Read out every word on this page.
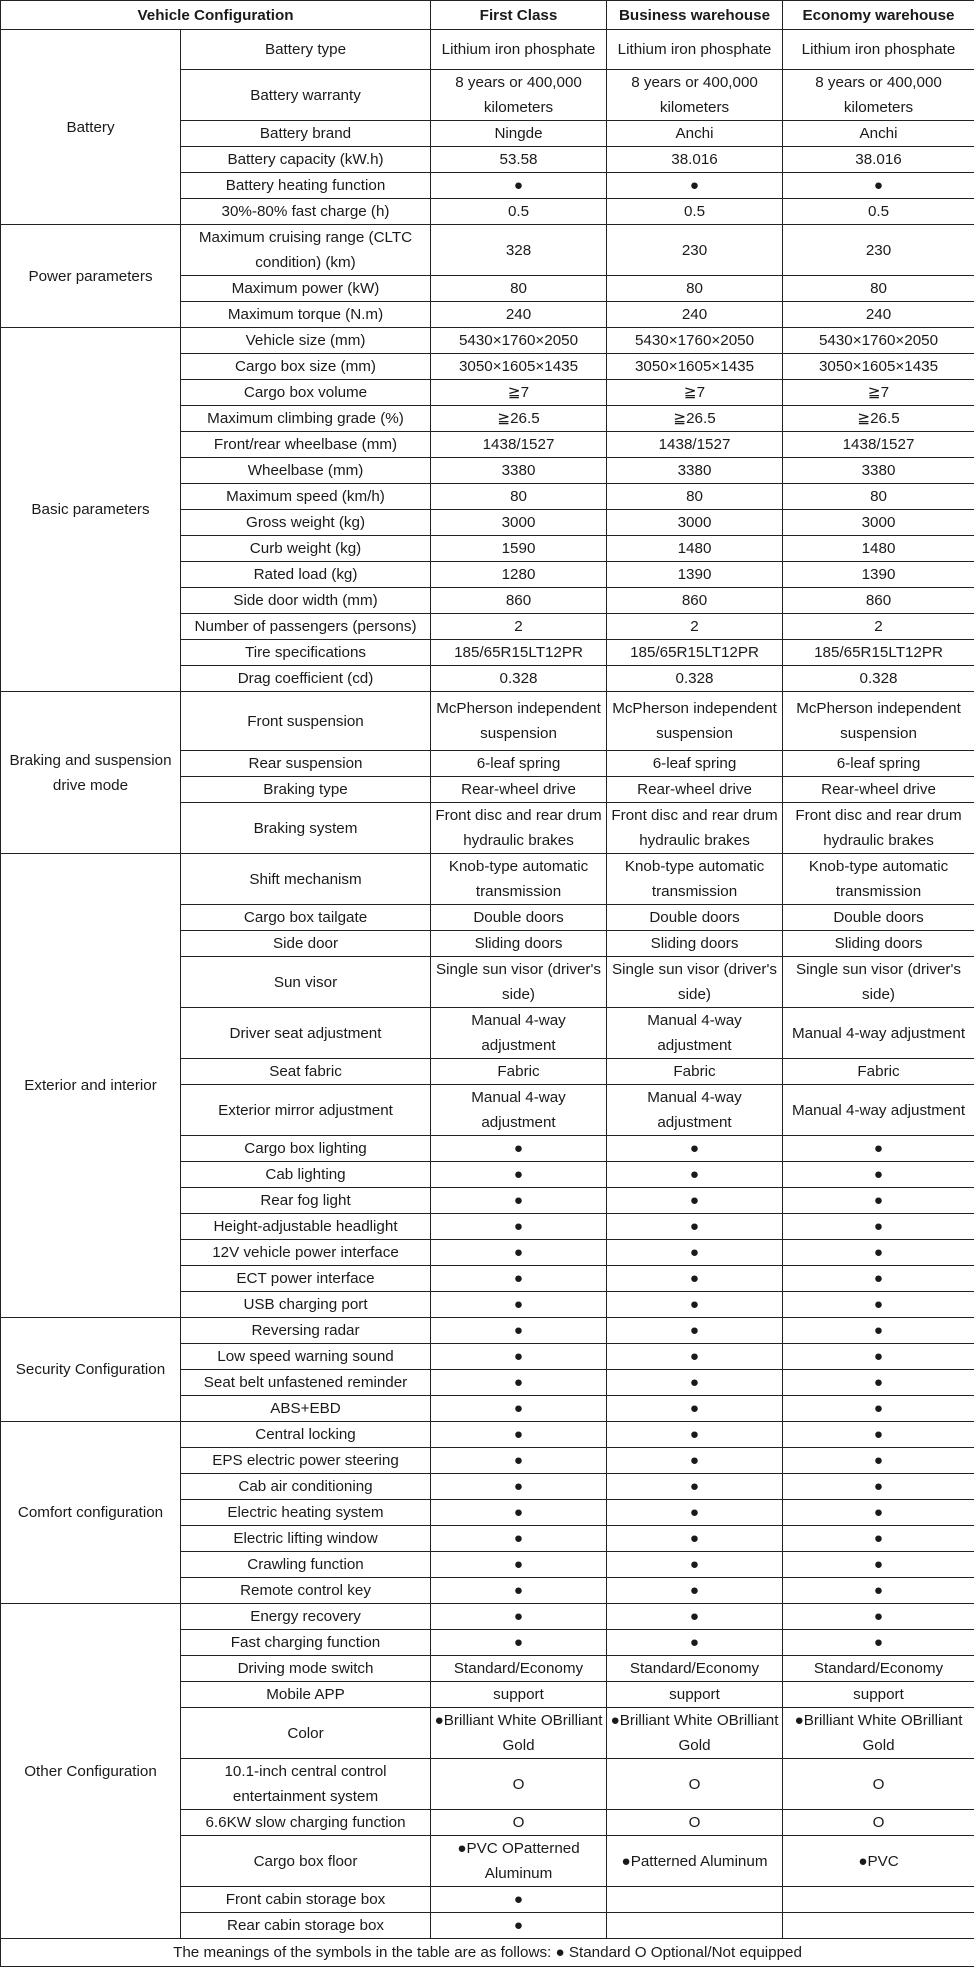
Vehicle Configuration		First Class	Business warehouse	Economy warehouse
Battery	Battery type	Lithium iron phosphate	Lithium iron phosphate	Lithium iron phosphate
	Battery warranty	8 years or 400,000 kilometers	8 years or 400,000 kilometers	8 years or 400,000 kilometers
	Battery brand	Ningde	Anchi	Anchi
	Battery capacity (kW.h)	53.58	38.016	38.016
	Battery heating function	●	●	●
	30%-80% fast charge (h)	0.5	0.5	0.5
Power parameters	Maximum cruising range (CLTC condition) (km)	328	230	230
	Maximum power (kW)	80	80	80
	Maximum torque (N.m)	240	240	240
Basic parameters	Vehicle size (mm)	5430×1760×2050	5430×1760×2050	5430×1760×2050
	Cargo box size (mm)	3050×1605×1435	3050×1605×1435	3050×1605×1435
	Cargo box volume	≧7	≧7	≧7
	Maximum climbing grade (%)	≧26.5	≧26.5	≧26.5
	Front/rear wheelbase (mm)	1438/1527	1438/1527	1438/1527
	Wheelbase (mm)	3380	3380	3380
	Maximum speed (km/h)	80	80	80
	Gross weight (kg)	3000	3000	3000
	Curb weight (kg)	1590	1480	1480
	Rated load (kg)	1280	1390	1390
	Side door width (mm)	860	860	860
	Number of passengers (persons)	2	2	2
	Tire specifications	185/65R15LT12PR	185/65R15LT12PR	185/65R15LT12PR
	Drag coefficient (cd)	0.328	0.328	0.328
Braking and suspension drive mode	Front suspension	McPherson independent suspension	McPherson independent suspension	McPherson independent suspension
	Rear suspension	6-leaf spring	6-leaf spring	6-leaf spring
	Braking type	Rear-wheel drive	Rear-wheel drive	Rear-wheel drive
	Braking system	Front disc and rear drum hydraulic brakes	Front disc and rear drum hydraulic brakes	Front disc and rear drum hydraulic brakes
Exterior and interior	Shift mechanism	Knob-type automatic transmission	Knob-type automatic transmission	Knob-type automatic transmission
	Cargo box tailgate	Double doors	Double doors	Double doors
	Side door	Sliding doors	Sliding doors	Sliding doors
	Sun visor	Single sun visor (driver's side)	Single sun visor (driver's side)	Single sun visor (driver's side)
	Driver seat adjustment	Manual 4-way adjustment	Manual 4-way adjustment	Manual 4-way adjustment
	Seat fabric	Fabric	Fabric	Fabric
	Exterior mirror adjustment	Manual 4-way adjustment	Manual 4-way adjustment	Manual 4-way adjustment
	Cargo box lighting	●	●	●
	Cab lighting	●	●	●
	Rear fog light	●	●	●
	Height-adjustable headlight	●	●	●
	12V vehicle power interface	●	●	●
	ECT power interface	●	●	●
	USB charging port	●	●	●
Security Configuration	Reversing radar	●	●	●
	Low speed warning sound	●	●	●
	Seat belt unfastened reminder	●	●	●
	ABS+EBD	●	●	●
Comfort configuration	Central locking	●	●	●
	EPS electric power steering	●	●	●
	Cab air conditioning	●	●	●
	Electric heating system	●	●	●
	Electric lifting window	●	●	●
	Crawling function	●	●	●
	Remote control key	●	●	●
Other Configuration	Energy recovery	●	●	●
	Fast charging function	●	●	●
	Driving mode switch	Standard/Economy	Standard/Economy	Standard/Economy
	Mobile APP	support	support	support
	Color	●Brilliant White OBrilliant Gold	●Brilliant White OBrilliant Gold	●Brilliant White OBrilliant Gold
	10.1-inch central control entertainment system	O	O	O
	6.6KW slow charging function	O	O	O
	Cargo box floor	●PVC OPatterned Aluminum	●Patterned Aluminum	●PVC
	Front cabin storage box	●		
	Rear cabin storage box	●		
The meanings of the symbols in the table are as follows: ● Standard O Optional/Not equipped				
